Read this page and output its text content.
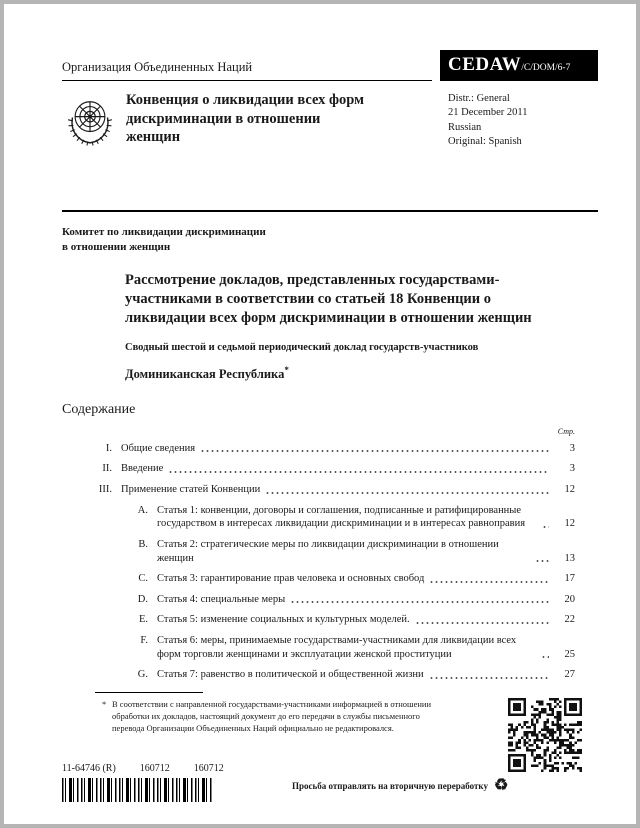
Организация Объединенных Наций	CEDAW/C/DOM/6-7
Конвенция о ликвидации всех форм дискриминации в отношении женщин
Distr.: General
21 December 2011
Russian
Original: Spanish
Комитет по ликвидации дискриминации
в отношении женщин
Рассмотрение докладов, представленных государствами-участниками в соответствии со статьей 18 Конвенции о ликвидации всех форм дискриминации в отношении женщин
Сводный шестой и седьмой периодический доклад государств-участников
Доминиканская Республика*
Содержание
Стр.
I. Общие сведения	3
II. Введение	3
III. Применение статей Конвенции	12
A. Статья 1: конвенции, договоры и соглашения, подписанные и ратифицированные государством в интересах ликвидации дискриминации и в интересах равноправия	12
B. Статья 2: стратегические меры по ликвидации дискриминации в отношении женщин	13
C. Статья 3: гарантирование прав человека и основных свобод	17
D. Статья 4: специальные меры	20
E. Статья 5: изменение социальных и культурных моделей.	22
F. Статья 6: меры, принимаемые государствами-участниками для ликвидации всех форм торговли женщинами и эксплуатации женской проституции	25
G. Статья 7: равенство в политической и общественной жизни	27
* В соответствии с направленной государствами-участниками информацией в отношении обработки их докладов, настоящий документ до его передачи в службы письменного перевода Организации Объединенных Наций официально не редактировался.
11-64746 (R) 160712 160712
Просьба отправлять на вторичную переработку ♻
